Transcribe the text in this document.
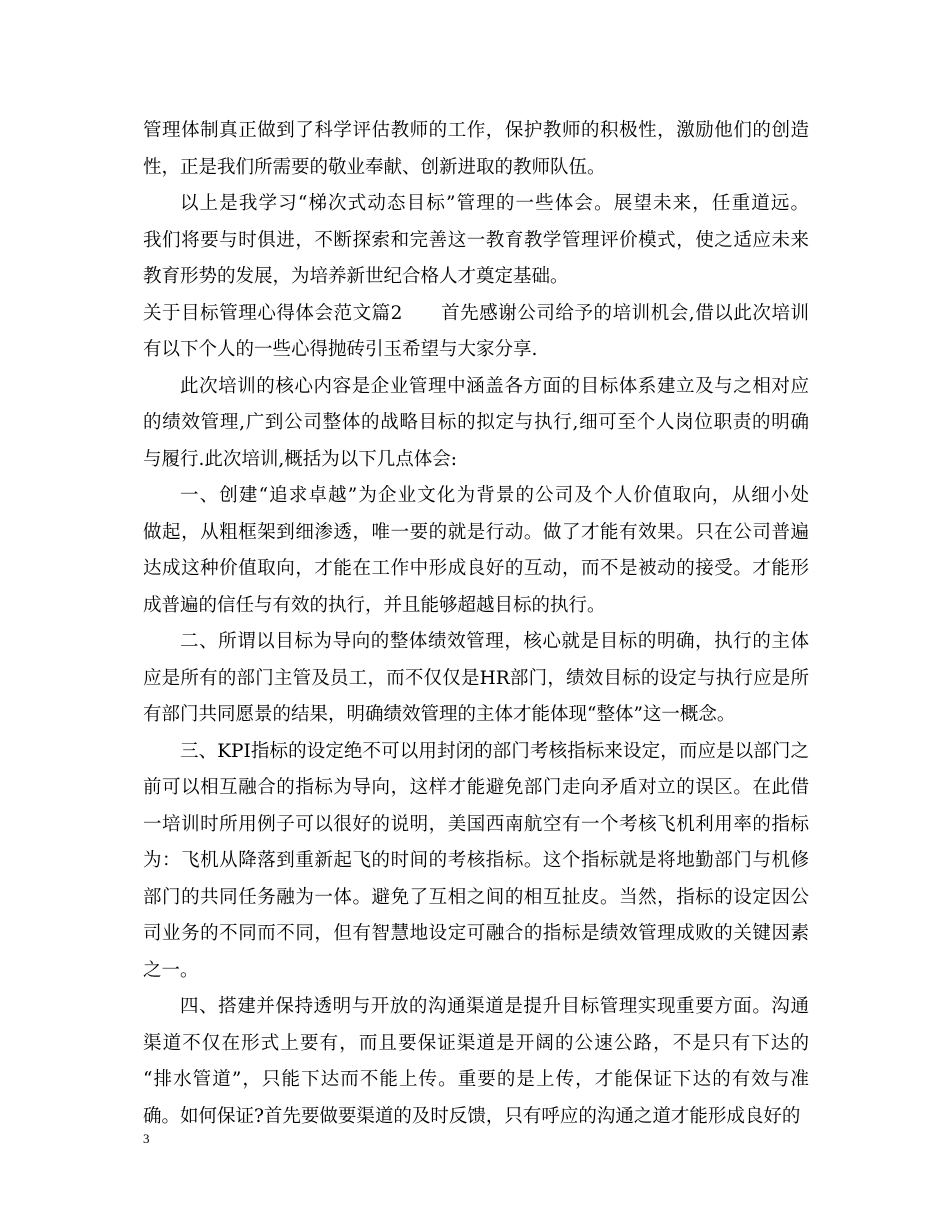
管理体制真正做到了科学评估教师的工作，保护教师的积极性，激励他们的创造
性，正是我们所需要的敬业奉献、创新进取的教师队伍。
以上是我学习“梯次式动态目标”管理的一些体会。展望未来，任重道远。
我们将要与时俱进，不断探索和完善这一教育教学管理评价模式，使之适应未来
教育形势的发展，为培养新世纪合格人才奠定基础。
关于目标管理心得体会范文篇2　　首先感谢公司给予的培训机会,借以此次培训
有以下个人的一些心得抛砖引玉希望与大家分享.
此次培训的核心内容是企业管理中涵盖各方面的目标体系建立及与之相对应
的绩效管理,广到公司整体的战略目标的拟定与执行,细可至个人岗位职责的明确
与履行.此次培训,概括为以下几点体会:
一、创建“追求卓越”为企业文化为背景的公司及个人价值取向，从细小处
做起，从粗框架到细渗透，唯一要的就是行动。做了才能有效果。只在公司普遍
达成这种价值取向，才能在工作中形成良好的互动，而不是被动的接受。才能形
成普遍的信任与有效的执行，并且能够超越目标的执行。
二、所谓以目标为导向的整体绩效管理，核心就是目标的明确，执行的主体
应是所有的部门主管及员工，而不仅仅是HR部门，绩效目标的设定与执行应是所
有部门共同愿景的结果，明确绩效管理的主体才能体现“整体”这一概念。
三、KPI指标的设定绝不可以用封闭的部门考核指标来设定，而应是以部门之
前可以相互融合的指标为导向，这样才能避免部门走向矛盾对立的误区。在此借
一培训时所用例子可以很好的说明，美国西南航空有一个考核飞机利用率的指标
为：飞机从降落到重新起飞的时间的考核指标。这个指标就是将地勤部门与机修
部门的共同任务融为一体。避免了互相之间的相互扯皮。当然，指标的设定因公
司业务的不同而不同，但有智慧地设定可融合的指标是绩效管理成败的关键因素
之一。
四、搭建并保持透明与开放的沟通渠道是提升目标管理实现重要方面。沟通
渠道不仅在形式上要有，而且要保证渠道是开阔的公速公路，不是只有下达的
“排水管道”，只能下达而不能上传。重要的是上传，才能保证下达的有效与准
确。如何保证?首先要做要渠道的及时反馈，只有呼应的沟通之道才能形成良好的
3
